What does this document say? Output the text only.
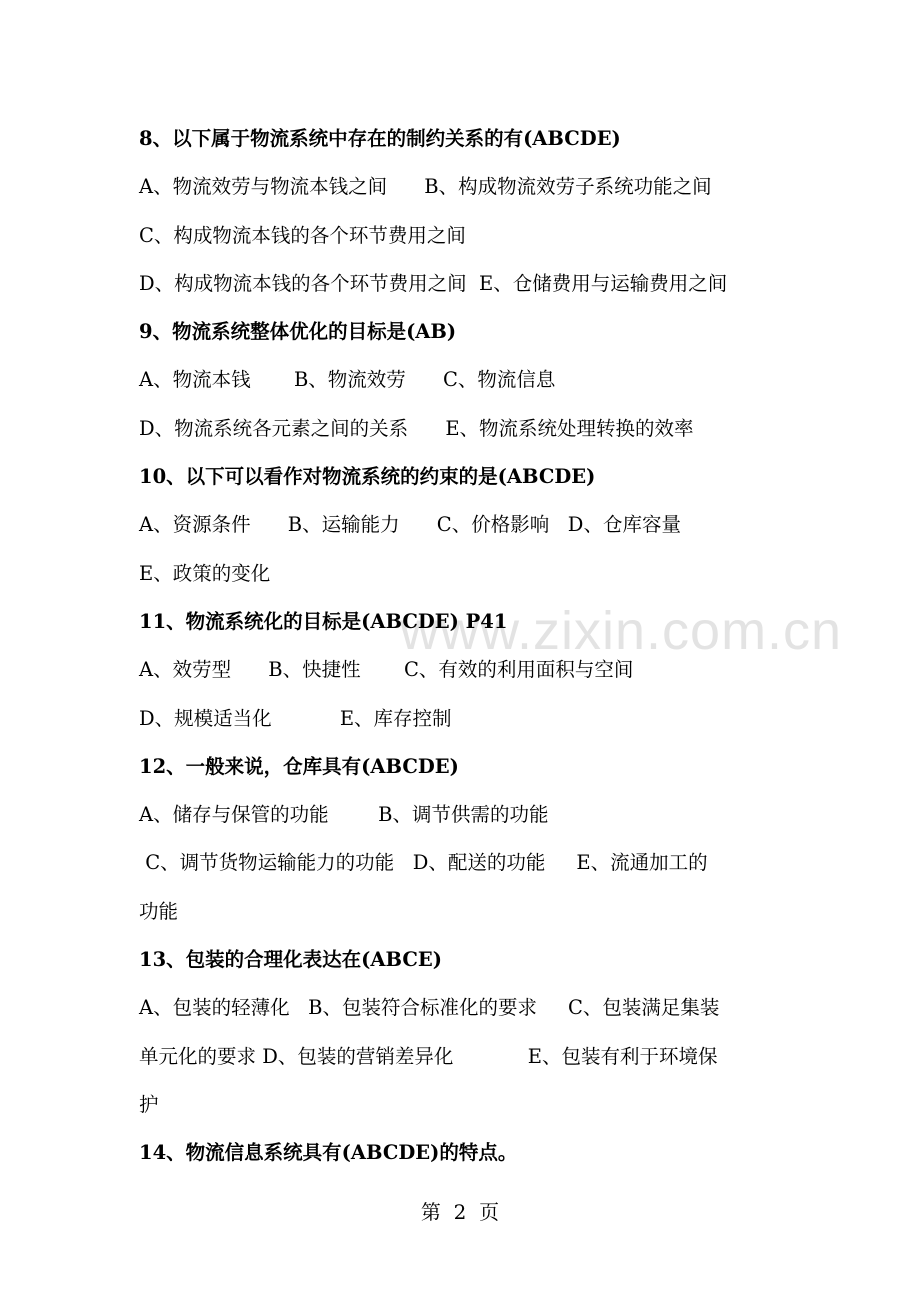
www.zixin.com.cn
8、以下属于物流系统中存在的制约关系的有(ABCDE)
A、物流效劳与物流本钱之间      B、构成物流效劳子系统功能之间
C、构成物流本钱的各个环节费用之间
D、构成物流本钱的各个环节费用之间  E、仓储费用与运输费用之间
9、物流系统整体优化的目标是(AB)
A、物流本钱       B、物流效劳      C、物流信息
D、物流系统各元素之间的关系      E、物流系统处理转换的效率
10、以下可以看作对物流系统的约束的是(ABCDE)
A、资源条件      B、运输能力      C、价格影响   D、仓库容量
E、政策的变化
11、物流系统化的目标是(ABCDE) P41
A、效劳型      B、快捷性       C、有效的利用面积与空间
D、规模适当化           E、库存控制
12、一般来说，仓库具有(ABCDE)
A、储存与保管的功能        B、调节供需的功能
C、调节货物运输能力的功能   D、配送的功能     E、流通加工的
功能
13、包装的合理化表达在(ABCE)
A、包装的轻薄化   B、包装符合标准化的要求     C、包装满足集装
单元化的要求 D、包装的营销差异化            E、包装有利于环境保
护
14、物流信息系统具有(ABCDE)的特点。
第  2  页
